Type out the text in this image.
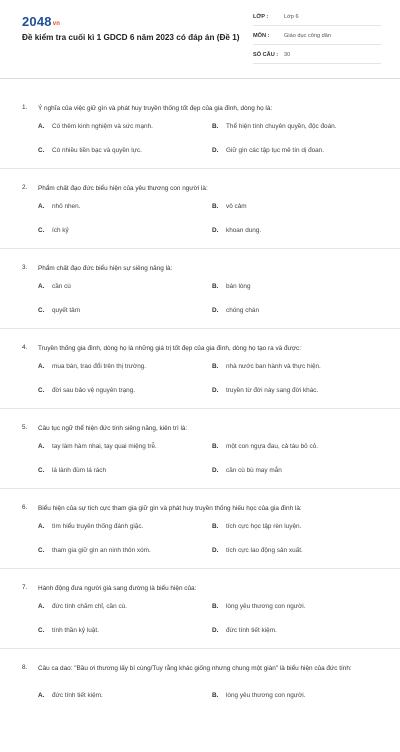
2048vn
Đề kiểm tra cuối kì 1 GDCD 6 năm 2023 có đáp án (Đề 1)
LỚP :	Lớp 6
MÔN :	Giáo dục công dân
SỐ CÂU : 30
1. Ý nghĩa của việc giữ gìn và phát huy truyền thống tốt đẹp của gia đình, dòng họ là:
A. Có thêm kinh nghiệm và sức mạnh.	B. Thể hiện tính chuyên quyền, độc đoán.
C. Có nhiều tiền bạc và quyền lực.	D. Giữ gìn các tập tục mê tín dị đoan.
2. Phẩm chất đạo đức biểu hiện của yêu thương con người là:
A. nhỏ nhen.	B. vô cảm
C. ích kỷ	D. khoan dung.
3. Phẩm chất đạo đức biểu hiện sự siêng năng là:
A. cần cù	B. bán lòng
C. quyết tâm	D. chóng chán
4. Truyền thống gia đình, dòng họ là những giá trị tốt đẹp của gia đình, dòng họ tạo ra và được:
A. mua bán, trao đổi trên thị trường.	B. nhà nước ban hành và thực hiện.
C. đời sau bảo vệ nguyên trạng.	D. truyền từ đời này sang đời khác.
5. Câu tục ngữ thể hiện đức tính siêng năng, kiên trì là:
A. tay làm hàm nhai, tay quai miệng trễ.	B. một con ngựa đau, cả tàu bỏ cỏ.
C. lá lành đùm lá rách	D. cần cù bù may mắn
6. Biểu hiện của sự tích cực tham gia giữ gìn và phát huy truyền thống hiếu học của gia đình là:
A. tìm hiểu truyền thống đánh giặc.	B. tích cực học tập rèn luyện.
C. tham gia giữ gìn an ninh thôn xóm.	D. tích cực lao động sản xuất.
7. Hành động đưa người già sang đường là biểu hiện của:
A. đức tính chăm chỉ, cần cù.	B. lòng yêu thương con người.
C. tính thần kỷ luật.	D. đức tính tiết kiệm.
8. Câu ca dao: "Bầu ơi thương lấy bí cùng/Tuy rằng khác giống nhưng chung một giàn" là biểu hiện của đức tính:
A. đức tính tiết kiệm.	B. lòng yêu thương con người.
